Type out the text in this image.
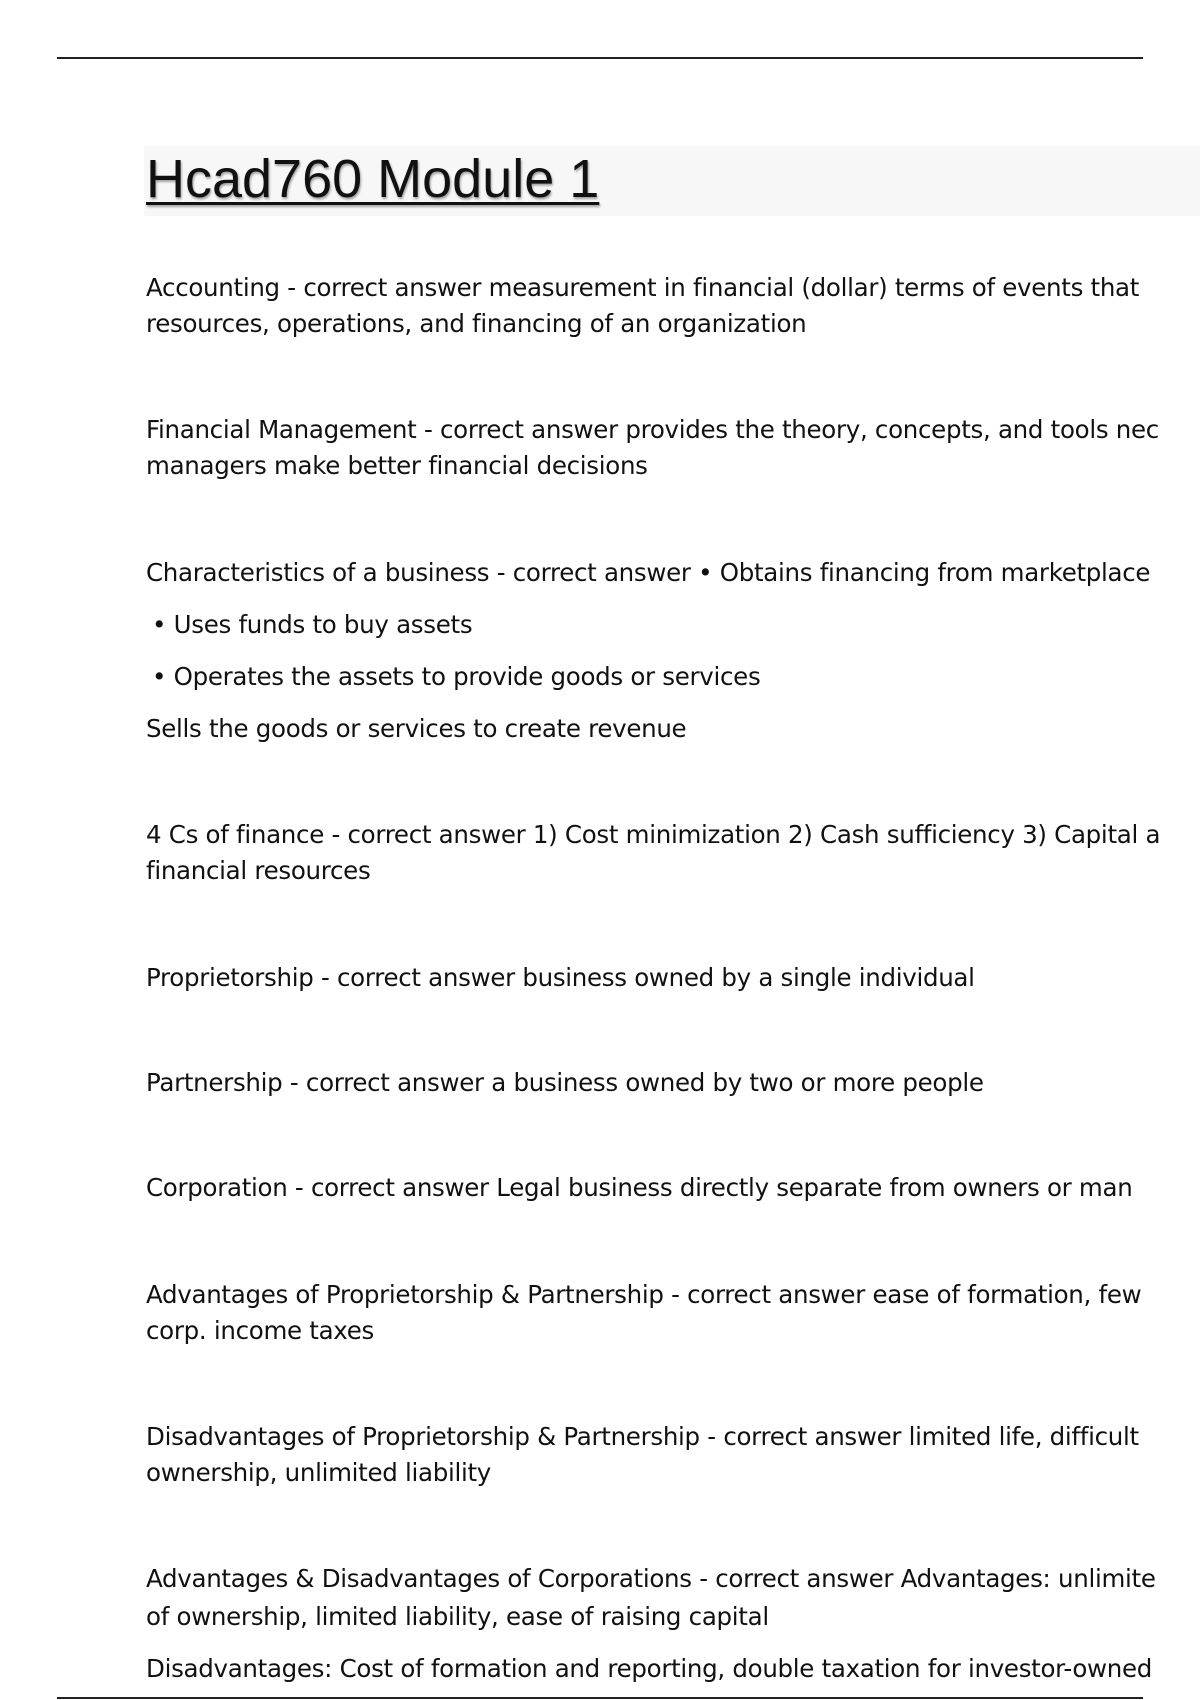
Hcad760 Module 1

Accounting - correct answer measurement in financial (dollar) terms of events that

resources, operations, and financing of an organization

Financial Management - correct answer provides the theory, concepts, and tools nec

managers make better financial decisions

Characteristics of a business - correct answer • Obtains financing from marketplace

• Uses funds to buy assets

• Operates the assets to provide goods or services

Sells the goods or services to create revenue

4 Cs of finance - correct answer 1) Cost minimization 2) Cash sufficiency 3) Capital a

financial resources

Proprietorship - correct answer business owned by a single individual

Partnership - correct answer a business owned by two or more people

Corporation - correct answer Legal business directly separate from owners or man

Advantages of Proprietorship & Partnership - correct answer ease of formation, few

corp. income taxes

Disadvantages of Proprietorship & Partnership - correct answer limited life, difficult

ownership, unlimited liability

Advantages & Disadvantages of Corporations - correct answer Advantages: unlimite

of ownership, limited liability, ease of raising capital

Disadvantages: Cost of formation and reporting, double taxation for investor-owned
